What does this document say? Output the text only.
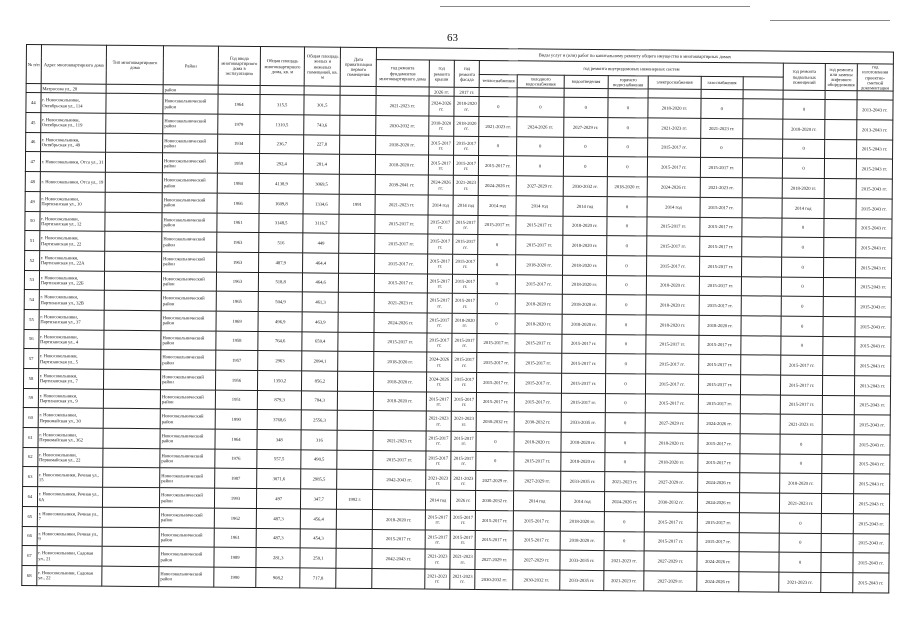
63
№ п/п	Адрес многоквартирного дома	Тип многоквартирного дома	Район	Год ввода многоквартирного дома в эксплуатацию	Общая площадь многоквартирного дома, кв. м	Общая площадь жилых и нежилых помещений, кв. м	Дата приватизации первого помещения	Виды услуг и (или) работ по капитальному ремонту общего имущества в многоквартирных домах												
								год ремонта фундаментов многоквартирного дома	год ремонта крыши	год ремонта фасада	год ремонта внутридомовых инженерных систем							год ремонта подвальных помещений	год ремонта или замены лифтового оборудования	год изготовления проектно-сметной документации
											теплоснабжения	холодного водоснабжения	водоотведения	горячего водоснабжения	электроснабжения	газоснабжения				
	Матросова ул., 28		район						2026 гг.	2017 гг.										
44	г. Новосокольники, Октябрьская ул., 114		Новосокольнический район	1964	315,5	301,5		2021-2023 гг.	2024-2026 гг.	2018-2020 гг.	0	0	0	0	2018-2020 гг.	0		0		2013-2043 гг.
45	г. Новосокольники, Октябрьская ул., 119		Новосокольнический район	1979	1310,5	743,6		2030-2032 гг.	2018-2020 гг.	2018-2020 гг.	2021-2023 гг.	2024-2026 гг.	2027-2029 гг.	0	2021-2023 гг.	2021-2023 гг.		2018-2020 гг.		2013-2043 гг.
46	г. Новосокольники, Октябрьская ул., 49		Новосокольнический район	1934	236,7	227,8		2018-2020 гг.	2015-2017 гг.	2015-2017 гг.	0	0	0	0	2015-2017 гг.	0		0		2015-2043 гг.
47	г. Новосокольники, Отса ул., 31		Новосокольнический район	1959	292,4	281,4		2018-2020 гг.	2015-2017 гг.	2015-2017 гг.	2015-2017 гг.	0	0	0	2015-2017 гг.	2015-2017 гг.		0		2015-2043 гг.
48	г. Новосокольники, Отса ул., 19		Новосокольнический район	1984	4138,9	3069,5		2039-2041 гг.	2024-2026 гг.	2021-2023 гг.	2024-2026 гг.	2027-2029 гг.	2030-2032 гг.	2018-2020 гг.	2024-2026 гг.	2021-2023 гг.		2018-2020 гг.		2015-2043 гг.
49	г. Новосокольники, Партизанская ул., 10		Новосокольнический район	1966	1609,8	1334,6	1991	2021-2023 гг.	2014 год	2014 год	2014 год	2014 год	2014 год	0	2014 год	2015-2017 гг.		2014 год		2015-2043 гг.
50	г. Новосокольники, Партизанская ул., 12		Новосокольнический район	1961	3148,5	3116,7		2015-2017 гг.	2015-2017 гг.	2015-2017 гг.	2015-2017 гг.	2015-2017 гг.	2018-2020 гг.	0	2015-2017 гг.	2015-2017 гг.		0		2015-2043 гг.
51	г. Новосокольники, Партизанская ул., 22		Новосокольнический район	1963	516	449		2015-2017 гг.	2015-2017 гг.	2015-2017 гг.	0	2015-2017 гг.	2018-2020 гг.	0	2015-2017 гг.	2015-2017 гг.		0		2015-2043 гг.
52	г. Новосокольники, Партизанская ул., 22А		Новосокольнический район	1963	487,9	464,4		2015-2017 гг.	2015-2017 гг.	2015-2017 гг.	0	2018-2020 гг.	2018-2020 гг.	0	2015-2017 гг.	2015-2017 гг.		0		2015-2043 гг.
53	г. Новосокольники, Партизанская ул., 22Б		Новосокольнический район	1963	518,8	464,6		2015-2017 гг.	2015-2017 гг.	2015-2017 гг.	0	2015-2017 гг.	2018-2020 гг.	0	2018-2020 гг.	2015-2017 гг.		0		2015-2043 гг.
54	г. Новосокольники, Партизанская ул., 32В		Новосокольнический район	1965	504,9	461,3		2021-2023 гг.	2015-2017 гг.	2015-2017 гг.	0	2018-2020 гг.	2018-2020 гг.	0	2018-2020 гг.	2015-2017 гг.		0		2015-2043 гг.
55	г. Новосокольники, Партизанская ул., 37		Новосокольнический район	1969	496,9	463,9		2024-2026 гг.	2015-2017 гг.	2018-2020 гг.	0	2018-2020 гг.	2018-2020 гг.	0	2018-2020 гг.	2018-2020 гг.		0		2015-2043 гг.
56	г. Новосокольники, Партизанская ул., 4		Новосокольнический район	1958	764,6	659,4		2015-2017 гг.	2015-2017 гг.	2015-2017 гг.	2015-2017 гг.	2015-2017 гг.	2015-2017 гг.	0	2015-2017 гг.	2015-2017 гг.		0		2015-2043 гг.
57	г. Новосокольники, Партизанская ул., 5		Новосокольнический район	1957	2963	2094,1		2018-2020 гг.	2024-2026 гг.	2015-2017 гг.	2015-2017 гг.	2015-2017 гг.	2015-2017 гг.	0	2015-2017 гг.	2015-2017 гг.		2015-2017 гг.		2015-2043 гг.
58	г. Новосокольники, Партизанская ул., 7		Новосокольнический район	1956	1350,2	856,2		2018-2020 гг.	2024-2026 гг.	2015-2017 гг.	2015-2017 гг.	2015-2017 гг.	2015-2017 гг.	0	2015-2017 гг.	2015-2017 гг.		2015-2017 гг.		2013-2043 гг.
59	г. Новосокольники, Партизанская ул., 9		Новосокольнический район	1951	879,3	784,3		2018-2020 гг.	2015-2017 гг.	2015-2017 гг.	2015-2017 гг.	2015-2017 гг.	2015-2017 гг.	0	2015-2017 гг.	2015-2017 гг.		2015-2017 гг.		2015-2043 гг.
60	г. Новосокольники, Первомайская ул., 30		Новосокольнический район	1990	3768,6	2556,3			2021-2023 гг.	2021-2023 гг.	2030-2032 гг.	2030-2032 гг.	2033-2035 гг.	0	2027-2029 гг.	2024-2026 гг.		2021-2023 гг.		2015-2043 гг.
61	г. Новосокольники, Первомайская ул., 362		Новосокольнический район	1964	348	316		2021-2023 гг.	2015-2017 гг.	2015-2017 гг.	0	2018-2020 гг.	2018-2020 гг.	0	2018-2020 гг.	2015-2017 гг.		0		2015-2043 гг.
62	г. Новосокольники, Первомайская ул., 22		Новосокольнический район	1976	557,5	490,5		2015-2017 гг.	2015-2017 гг.	2015-2017 гг.	0	2015-2017 гг.	2018-2020 гг.	0	2018-2020 гг.	2015-2017 гг.		0		2015-2043 гг.
63	г. Новосокольники, Речная ул., 15		Новосокольнический район	1987	3071,6	2985,5		2042-2043 гг.	2021-2023 гг.	2021-2023 гг.	2027-2029 гг.	2027-2029 гг.	2033-2035 гг.	2021-2023 гг.	2027-2029 гг.	2024-2026 гг.		2018-2020 гг.		2015-2043 гг.
64	г. Новосокольники, Речная ул., 6А		Новосокольнический район	1993	497	347,7	1992 г.		2014 год	2026 гг.	2030-2032 гг.	2014 год	2014 год	2024-2026 гг.	2030-2032 гг.	2024-2026 гг.		2021-2023 гг.		2015-2043 гг.
65	г. Новосокольники, Речная ул., 7		Новосокольнический район	1962	487,3	456,4		2018-2020 гг.	2015-2017 гг.	2015-2017 гг.	2015-2017 гг.	2015-2017 гг.	2018-2020 гг.	0	2015-2017 гг.	2015-2017 гг.		0		2015-2043 гг.
66	г. Новосокольники, Речная ул., 9		Новосокольнический район	1961	487,3	454,3		2015-2017 гг.	2015-2017 гг.	2015-2017 гг.	2015-2017 гг.	2015-2017 гг.	2018-2020 гг.	0	2015-2017 гг.	2015-2017 гг.		0		2015-2043 гг.
67	г. Новосокольники, Садовая ул., 21		Новосокольнический район	1989	281,3	259,1		2042-2043 гг.	2021-2023 гг.	2021-2023 гг.	2027-2029 гг.	2027-2029 гг.	2033-2035 гг.	2021-2023 гг.	2027-2029 гг.	2024-2026 гг.		0		2015-2043 гг.
68	г. Новосокольники, Садовая ул., 22		Новосокольнический район	1990	908,2	717,8			2021-2023 гг.	2021-2023 гг.	2030-2032 гг.	2030-2032 гг.	2033-2035 гг.	2021-2023 гг.	2027-2029 гг.	2024-2026 гг.		2021-2023 гг.		2015-2043 гг.
